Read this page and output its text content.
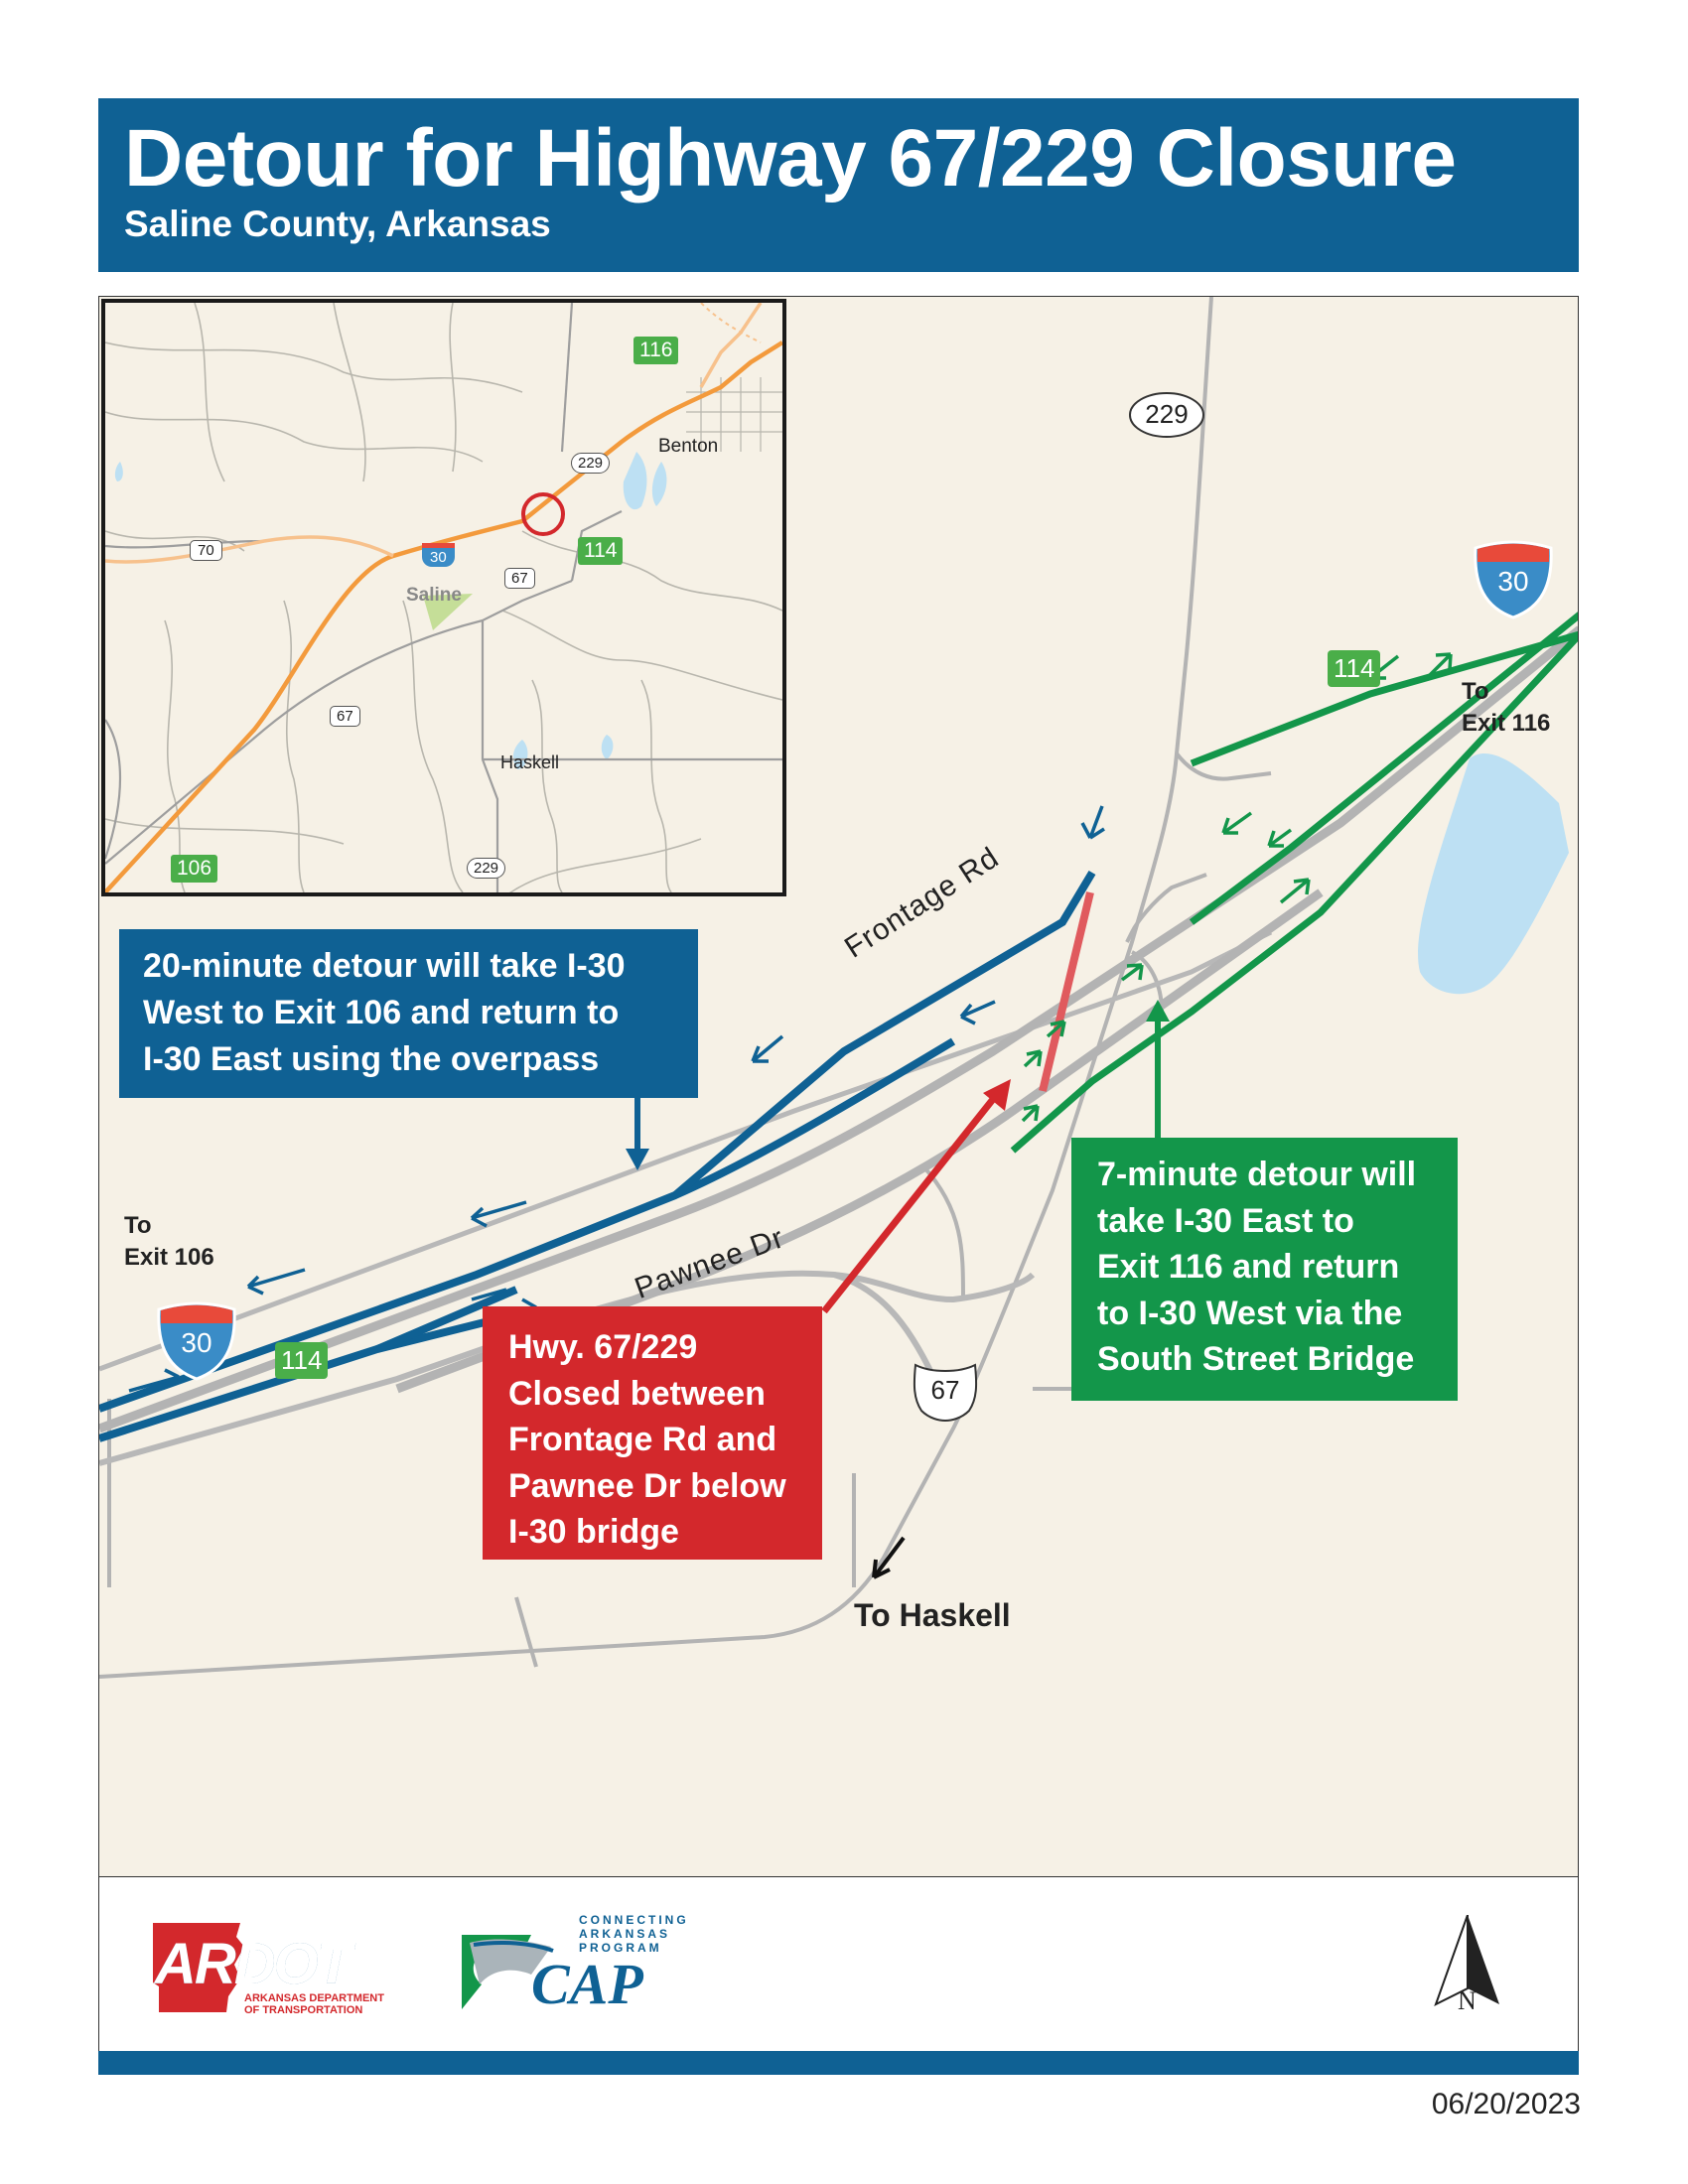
Detour for Highway 67/229 Closure
Saline County, Arkansas
229
67
30
30
114
114
Frontage Rd
Pawnee Dr
To
Exit 116
To
Exit 106
To Haskell
Benton
Saline
Haskell
116
114
106
70	30
67
67
229
229
20-minute detour will take I-30
West to Exit 106 and return to
I-30 East using the overpass
Hwy. 67/229
Closed between
Frontage Rd and
Pawnee Dr below
I-30 bridge
7-minute detour will
take I-30 East to
Exit 116 and return
to I-30 West via the
South Street Bridge
ARDOT
ARKANSAS DEPARTMENT
OF TRANSPORTATION
CONNECTING
ARKANSAS
PROGRAM
CAP	N
06/20/2023
